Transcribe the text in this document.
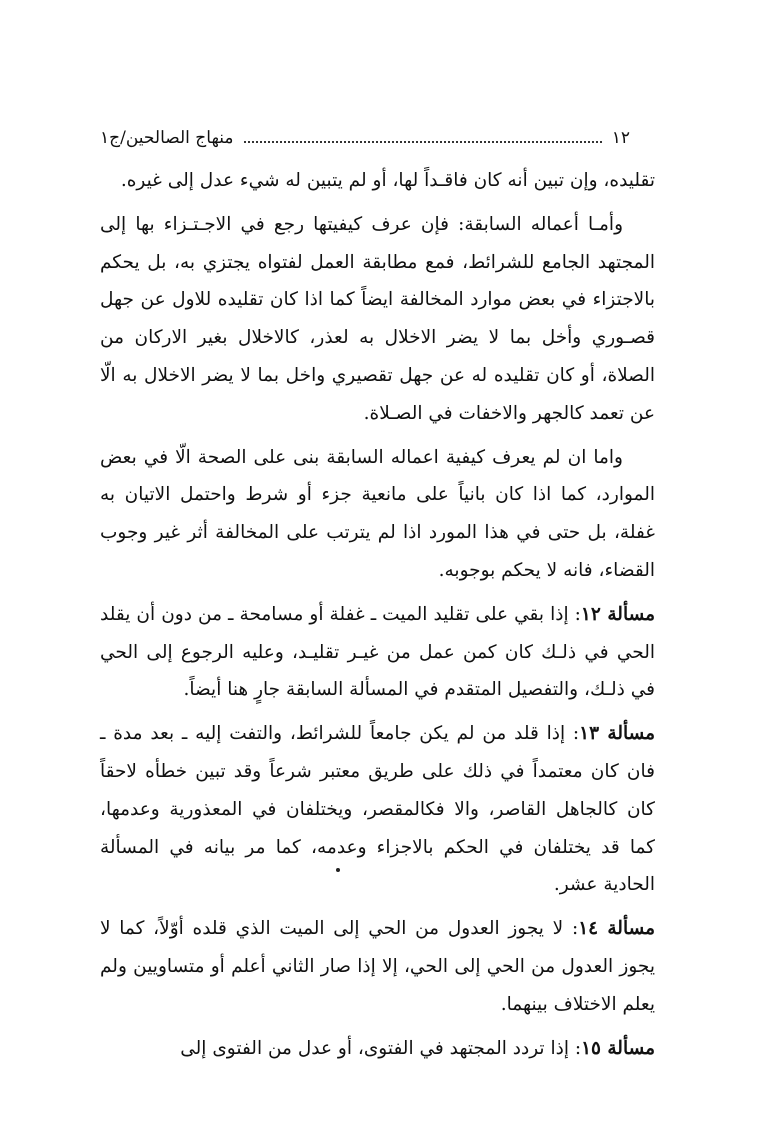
١٢
منهاج الصالحين/ج١

تقليده، وإن تبين أنه كان فاقـداً لها، أو لم يتبين له شيء عدل إلى غيره.

وأمـا أعماله السابقة: فإن عرف كيفيتها رجع في الاجـتـزاء بها إلى المجتهد الجامع للشرائط، فمع مطابقة العمل لفتواه يجتزي به، بل يحكم بالاجتزاء في بعض موارد المخالفة ايضاً كما اذا كان تقليده للاول عن جهل قصـوري وأخل بما لا يضر الاخلال به لعذر، كالاخلال بغير الاركان من الصلاة، أو كان تقليده له عن جهل تقصيري واخل بما لا يضر الاخلال به الّا عن تعمد كالجهر والاخفات في الصـلاة.

واما ان لم يعرف كيفية اعماله السابقة بنى على الصحة الّا في بعض الموارد، كما اذا كان بانياً على مانعية جزء أو شرط واحتمل الاتيان به غفلة، بل حتى في هذا المورد اذا لم يترتب على المخالفة أثر غير وجوب القضاء، فانه لا يحكم بوجوبه.

مسألة ١٢: إذا بقي على تقليد الميت ـ غفلة أو مسامحة ـ من دون أن يقلد الحي في ذلـك كان كمن عمل من غيـر تقليـد، وعليه الرجوع إلى الحي في ذلـك، والتفصيل المتقدم في المسألة السابقة جارٍ هنا أيضاً.

مسألة ١٣: إذا قلد من لم يكن جامعاً للشرائط، والتفت إليه ـ بعد مدة ـ فان كان معتمداً في ذلك على طريق معتبر شرعاً وقد تبين خطأه لاحقاً كان كالجاهل القاصر، والا فكالمقصر، ويختلفان في المعذورية وعدمها، كما قد يختلفان في الحكم بالاجزاء وعدمه، كما مر بيانه في المسألة الحادية عشر.

مسألة ١٤: لا يجوز العدول من الحي إلى الميت الذي قلده أوّلاً، كما لا يجوز العدول من الحي إلى الحي، إلا إذا صار الثاني أعلم أو متساويين ولم يعلم الاختلاف بينهما.

مسألة ١٥: إذا تردد المجتهد في الفتوى، أو عدل من الفتوى إلى
